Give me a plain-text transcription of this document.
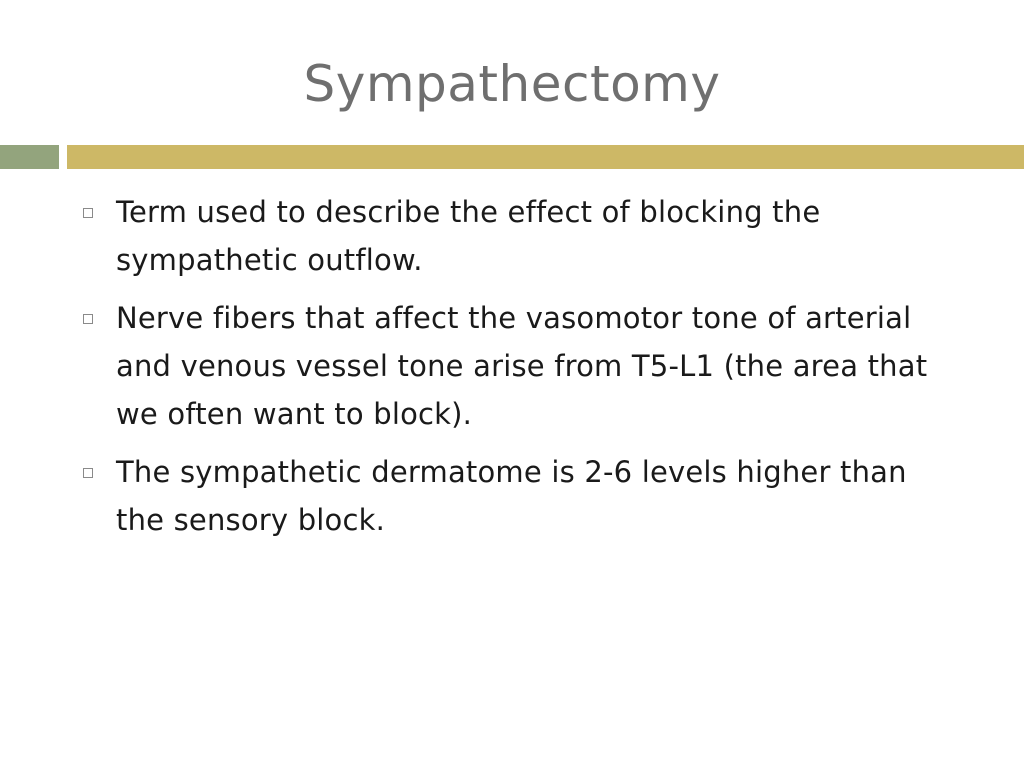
Sympathectomy
Term used to describe the effect of blocking the sympathetic outflow.
Nerve fibers that affect the vasomotor tone of arterial and venous vessel tone arise from T5-L1 (the area that we often want to block).
The sympathetic dermatome is 2-6 levels higher than the sensory block.
